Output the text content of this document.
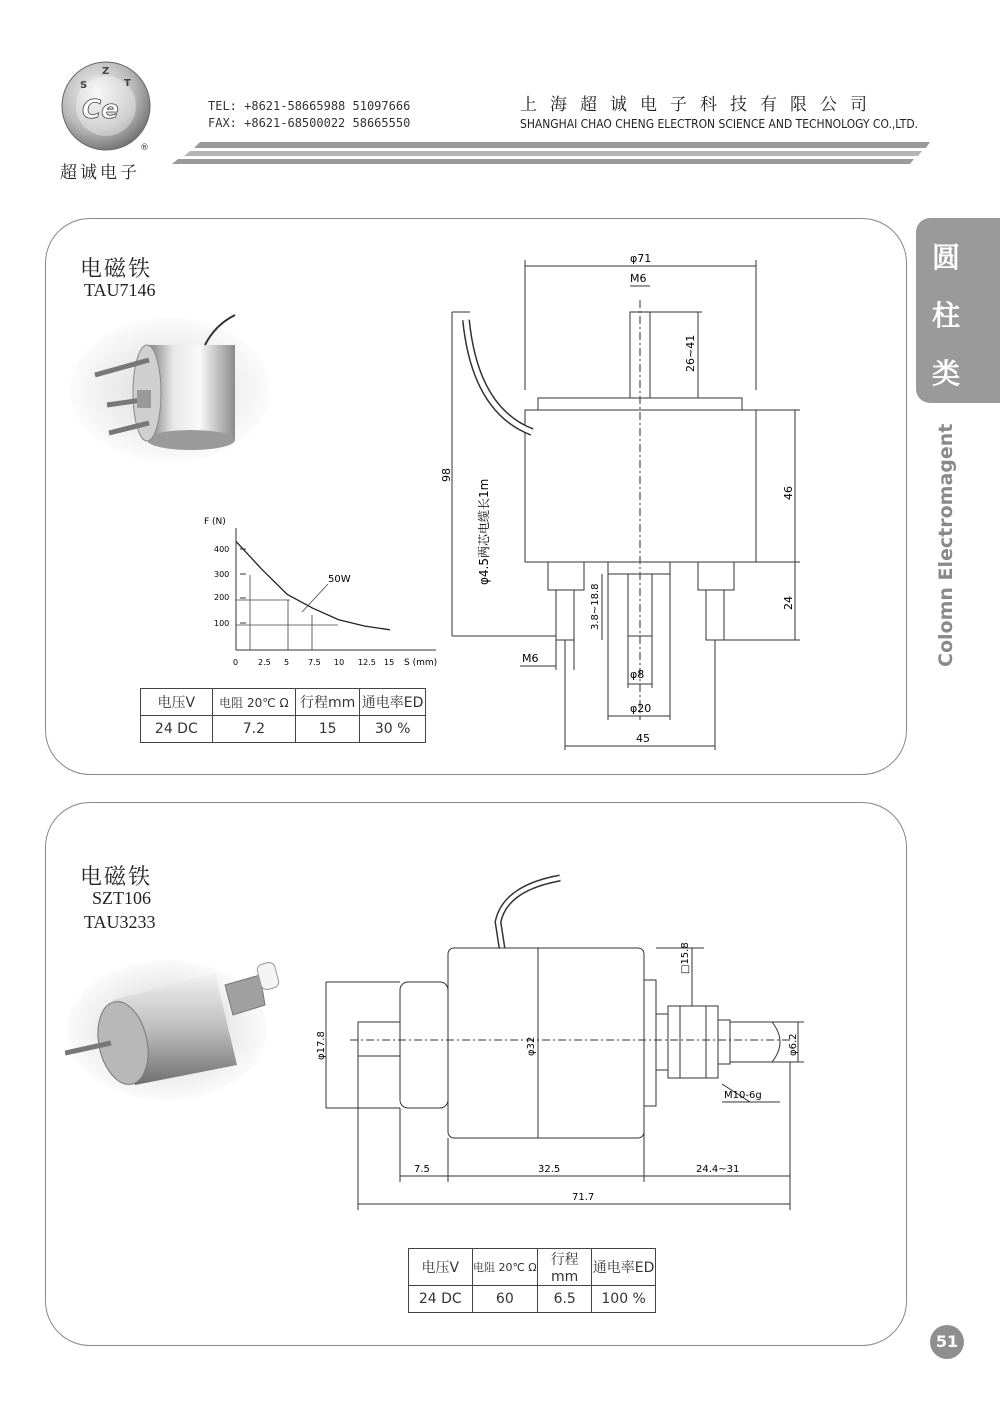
S
Z
T
Ce
®
超诚电子
TEL: +8621-58665988 51097666
FAX: +8621-68500022 58665550
上海超诚电子科技有限公司
SHANGHAI CHAO CHENG ELECTRON SCIENCE AND TECHNOLOGY CO.,LTD.
圆
柱
类
Colomn Electromagent
电磁铁
TAU7146
F (N)
S (mm)
400
300
200
100
0 2.5 5 7.5 10 12.5 15
50W
电压V	电阻 20℃ Ω	行程mm	通电率ED
24 DC	7.2	15	30 %
φ71
M6
26~41
98
46
24
φ4.5两芯电缆长1m
3.8~18.8
M6
φ8
φ20
45
电磁铁
SZT106
TAU3233
□15.8
φ17.8	φ32	φ6.2
M10-6g
7.5	32.5	24.4~31
71.7
电压V	电阻 20℃ Ω	行程mm	通电率ED
24 DC	60	6.5	100 %
51
